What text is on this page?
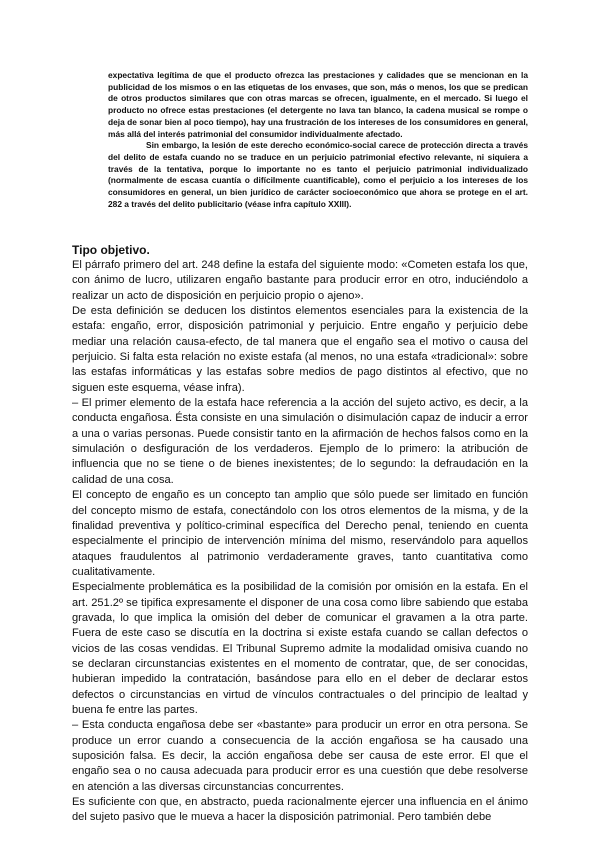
expectativa legítima de que el producto ofrezca las prestaciones y calidades que se mencionan en la publicidad de los mismos o en las etiquetas de los envases, que son, más o menos, los que se predican de otros productos similares que con otras marcas se ofrecen, igualmente, en el mercado. Si luego el producto no ofrece estas prestaciones (el detergente no lava tan blanco, la cadena musical se rompe o deja de sonar bien al poco tiempo), hay una frustración de los intereses de los consumidores en general, más allá del interés patrimonial del consumidor individualmente afectado.

Sin embargo, la lesión de este derecho económico-social carece de protección directa a través del delito de estafa cuando no se traduce en un perjuicio patrimonial efectivo relevante, ni siquiera a través de la tentativa, porque lo importante no es tanto el perjuicio patrimonial individualizado (normalmente de escasa cuantía o difícilmente cuantificable), como el perjuicio a los intereses de los consumidores en general, un bien jurídico de carácter socioeconómico que ahora se protege en el art. 282 a través del delito publicitario (véase infra capítulo XXIII).

Tipo objetivo.

El párrafo primero del art. 248 define la estafa del siguiente modo: «Cometen estafa los que, con ánimo de lucro, utilizaren engaño bastante para producir error en otro, induciéndolo a realizar un acto de disposición en perjuicio propio o ajeno».

De esta definición se deducen los distintos elementos esenciales para la existencia de la estafa: engaño, error, disposición patrimonial y perjuicio. Entre engaño y perjuicio debe mediar una relación causa-efecto, de tal manera que el engaño sea el motivo o causa del perjuicio. Si falta esta relación no existe estafa (al menos, no una estafa «tradicional»: sobre las estafas informáticas y las estafas sobre medios de pago distintos al efectivo, que no siguen este esquema, véase infra).

– El primer elemento de la estafa hace referencia a la acción del sujeto activo, es decir, a la conducta engañosa. Ésta consiste en una simulación o disimulación capaz de inducir a error a una o varias personas. Puede consistir tanto en la afirmación de hechos falsos como en la simulación o desfiguración de los verdaderos. Ejemplo de lo primero: la atribución de influencia que no se tiene o de bienes inexistentes; de lo segundo: la defraudación en la calidad de una cosa.

El concepto de engaño es un concepto tan amplio que sólo puede ser limitado en función del concepto mismo de estafa, conectándolo con los otros elementos de la misma, y de la finalidad preventiva y político-criminal específica del Derecho penal, teniendo en cuenta especialmente el principio de intervención mínima del mismo, reservándolo para aquellos ataques fraudulentos al patrimonio verdaderamente graves, tanto cuantitativa como cualitativamente.

Especialmente problemática es la posibilidad de la comisión por omisión en la estafa. En el art. 251.2º se tipifica expresamente el disponer de una cosa como libre sabiendo que estaba gravada, lo que implica la omisión del deber de comunicar el gravamen a la otra parte. Fuera de este caso se discutía en la doctrina si existe estafa cuando se callan defectos o vicios de las cosas vendidas. El Tribunal Supremo admite la modalidad omisiva cuando no se declaran circunstancias existentes en el momento de contratar, que, de ser conocidas, hubieran impedido la contratación, basándose para ello en el deber de declarar estos defectos o circunstancias en virtud de vínculos contractuales o del principio de lealtad y buena fe entre las partes.

– Esta conducta engañosa debe ser «bastante» para producir un error en otra persona. Se produce un error cuando a consecuencia de la acción engañosa se ha causado una suposición falsa. Es decir, la acción engañosa debe ser causa de este error. El que el engaño sea o no causa adecuada para producir error es una cuestión que debe resolverse en atención a las diversas circunstancias concurrentes.

Es suficiente con que, en abstracto, pueda racionalmente ejercer una influencia en el ánimo del sujeto pasivo que le mueva a hacer la disposición patrimonial. Pero también debe
